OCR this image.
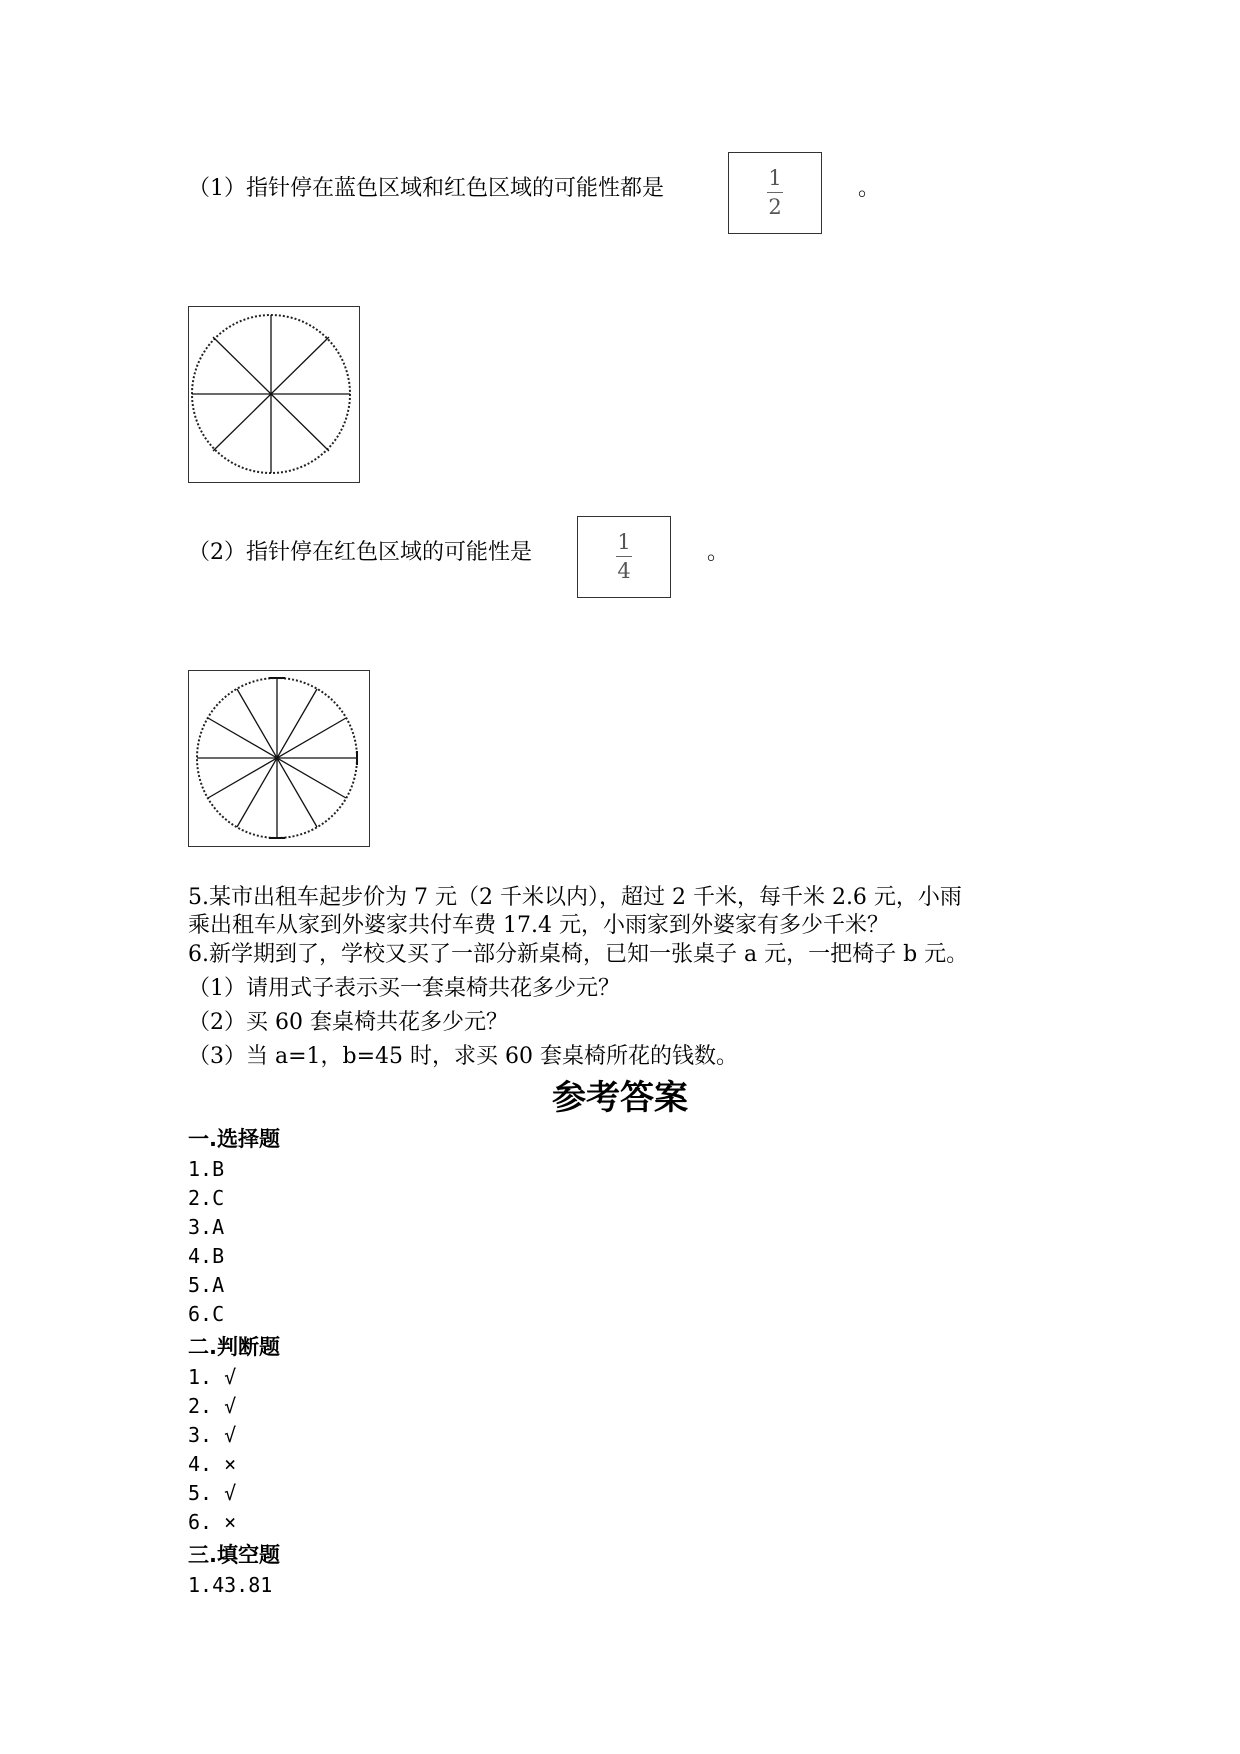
（1）指针停在蓝色区域和红色区域的可能性都是	1
2
。
（2）指针停在红色区域的可能性是	1
4
。
5.某市出租车起步价为 7 元（2 千米以内），超过 2 千米，每千米 2.6 元，小雨
乘出租车从家到外婆家共付车费 17.4 元，小雨家到外婆家有多少千米？
6.新学期到了，学校又买了一部分新桌椅，已知一张桌子 a 元，一把椅子 b 元。
（1）请用式子表示买一套桌椅共花多少元？
（2）买 60 套桌椅共花多少元？
（3）当 a=1，b=45 时，求买 60 套桌椅所花的钱数。
参考答案
一.选择题
1.B
2.C
3.A
4.B
5.A
6.C
二.判断题
1. √
2. √
3. √
4. ×
5. √
6. ×
三.填空题
1.43.81
